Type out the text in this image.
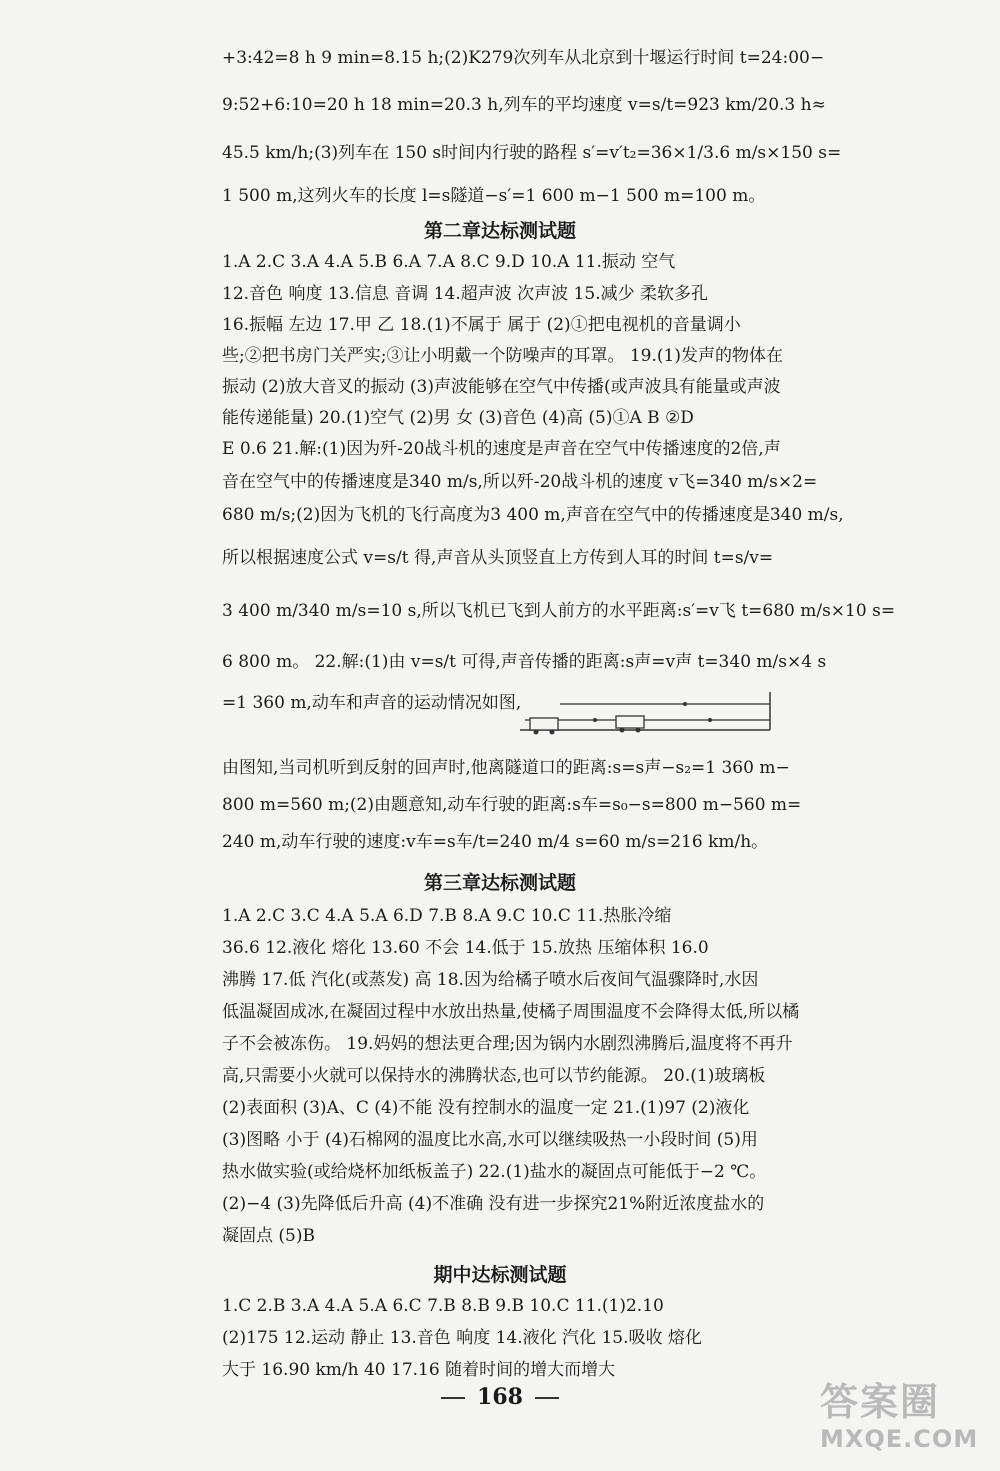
+3:42=8 h 9 min=8.15 h;(2)K279次列车从北京到十堰运行时间 t=24:00−
9:52+6:10=20 h 18 min=20.3 h,列车的平均速度 v=s/t=923 km/20.3 h≈
45.5 km/h;(3)列车在 150 s时间内行驶的路程 s′=v′t₂=36×1/3.6 m/s×150 s=
1 500 m,这列火车的长度 l=s隧道−s′=1 600 m−1 500 m=100 m。
第二章达标测试题
1.A 2.C 3.A 4.A 5.B 6.A 7.A 8.C 9.D 10.A 11.振动 空气
12.音色 响度 13.信息 音调 14.超声波 次声波 15.减少 柔软多孔
16.振幅 左边 17.甲 乙 18.(1)不属于 属于 (2)①把电视机的音量调小
些;②把书房门关严实;③让小明戴一个防噪声的耳罩。 19.(1)发声的物体在
振动 (2)放大音叉的振动 (3)声波能够在空气中传播(或声波具有能量或声波
能传递能量) 20.(1)空气 (2)男 女 (3)音色 (4)高 (5)①A B ②D
E 0.6 21.解:(1)因为歼-20战斗机的速度是声音在空气中传播速度的2倍,声
音在空气中的传播速度是340 m/s,所以歼-20战斗机的速度 v飞=340 m/s×2=
680 m/s;(2)因为飞机的飞行高度为3 400 m,声音在空气中的传播速度是340 m/s,
所以根据速度公式 v=s/t 得,声音从头顶竖直上方传到人耳的时间 t=s/v=
3 400 m/340 m/s=10 s,所以飞机已飞到人前方的水平距离:s′=v飞 t=680 m/s×10 s=
6 800 m。 22.解:(1)由 v=s/t 可得,声音传播的距离:s声=v声 t=340 m/s×4 s
=1 360 m,动车和声音的运动情况如图,
由图知,当司机听到反射的回声时,他离隧道口的距离:s=s声−s₂=1 360 m−
800 m=560 m;(2)由题意知,动车行驶的距离:s车=s₀−s=800 m−560 m=
240 m,动车行驶的速度:v车=s车/t=240 m/4 s=60 m/s=216 km/h。
第三章达标测试题
1.A 2.C 3.C 4.A 5.A 6.D 7.B 8.A 9.C 10.C 11.热胀冷缩
36.6 12.液化 熔化 13.60 不会 14.低于 15.放热 压缩体积 16.0
沸腾 17.低 汽化(或蒸发) 高 18.因为给橘子喷水后夜间气温骤降时,水因
低温凝固成冰,在凝固过程中水放出热量,使橘子周围温度不会降得太低,所以橘
子不会被冻伤。 19.妈妈的想法更合理;因为锅内水剧烈沸腾后,温度将不再升
高,只需要小火就可以保持水的沸腾状态,也可以节约能源。 20.(1)玻璃板
(2)表面积 (3)A、C (4)不能 没有控制水的温度一定 21.(1)97 (2)液化
(3)图略 小于 (4)石棉网的温度比水高,水可以继续吸热一小段时间 (5)用
热水做实验(或给烧杯加纸板盖子) 22.(1)盐水的凝固点可能低于−2 ℃。
(2)−4 (3)先降低后升高 (4)不准确 没有进一步探究21%附近浓度盐水的
凝固点 (5)B
期中达标测试题
1.C 2.B 3.A 4.A 5.A 6.C 7.B 8.B 9.B 10.C 11.(1)2.10
(2)175 12.运动 静止 13.音色 响度 14.液化 汽化 15.吸收 熔化
大于 16.90 km/h 40 17.16 随着时间的增大而增大
168	答案圈
MXQE.COM
